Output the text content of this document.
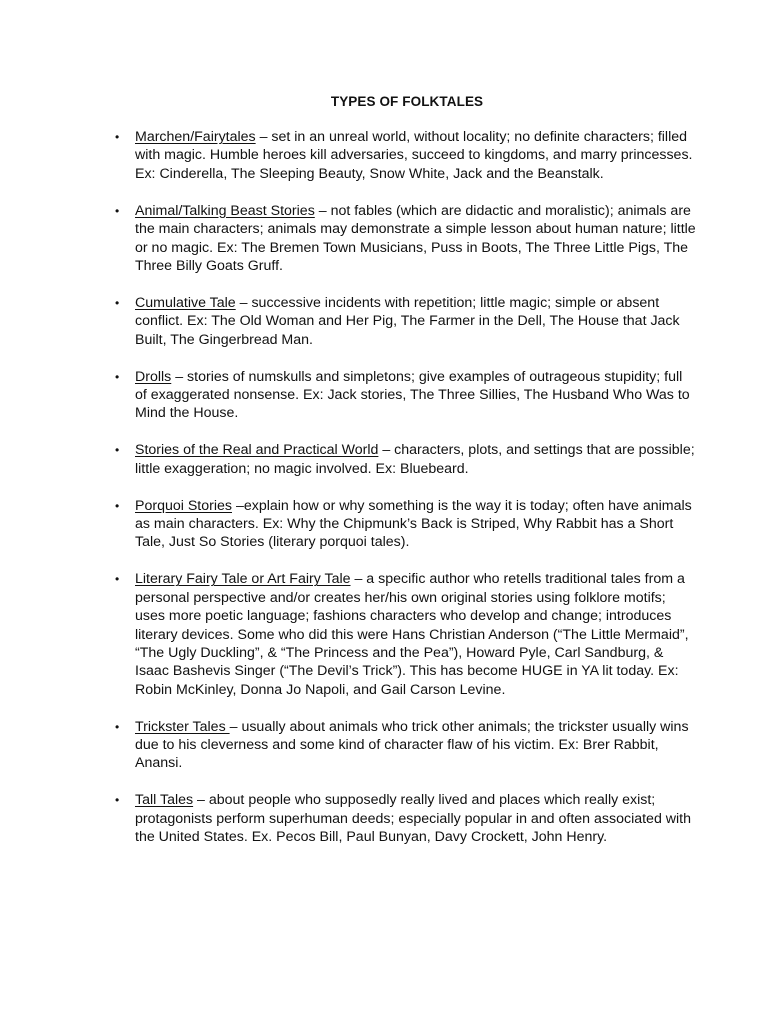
TYPES OF FOLKTALES
• Marchen/Fairytales – set in an unreal world, without locality; no definite characters; filled with magic. Humble heroes kill adversaries, succeed to kingdoms, and marry princesses. Ex: Cinderella, The Sleeping Beauty, Snow White, Jack and the Beanstalk.
• Animal/Talking Beast Stories – not fables (which are didactic and moralistic); animals are the main characters; animals may demonstrate a simple lesson about human nature; little or no magic. Ex: The Bremen Town Musicians, Puss in Boots, The Three Little Pigs, The Three Billy Goats Gruff.
• Cumulative Tale – successive incidents with repetition; little magic; simple or absent conflict. Ex: The Old Woman and Her Pig, The Farmer in the Dell, The House that Jack Built, The Gingerbread Man.
• Drolls – stories of numskulls and simpletons; give examples of outrageous stupidity; full of exaggerated nonsense. Ex: Jack stories, The Three Sillies, The Husband Who Was to Mind the House.
• Stories of the Real and Practical World – characters, plots, and settings that are possible; little exaggeration; no magic involved. Ex: Bluebeard.
• Porquoi Stories –explain how or why something is the way it is today; often have animals as main characters. Ex: Why the Chipmunk’s Back is Striped, Why Rabbit has a Short Tale, Just So Stories (literary porquoi tales).
• Literary Fairy Tale or Art Fairy Tale – a specific author who retells traditional tales from a personal perspective and/or creates her/his own original stories using folklore motifs; uses more poetic language; fashions characters who develop and change; introduces literary devices. Some who did this were Hans Christian Anderson (“The Little Mermaid”, “The Ugly Duckling”, & “The Princess and the Pea”), Howard Pyle, Carl Sandburg, & Isaac Bashevis Singer (“The Devil’s Trick”). This has become HUGE in YA lit today. Ex: Robin McKinley, Donna Jo Napoli, and Gail Carson Levine.
• Trickster Tales – usually about animals who trick other animals; the trickster usually wins due to his cleverness and some kind of character flaw of his victim. Ex: Brer Rabbit, Anansi.
• Tall Tales – about people who supposedly really lived and places which really exist; protagonists perform superhuman deeds; especially popular in and often associated with the United States. Ex. Pecos Bill, Paul Bunyan, Davy Crockett, John Henry.
